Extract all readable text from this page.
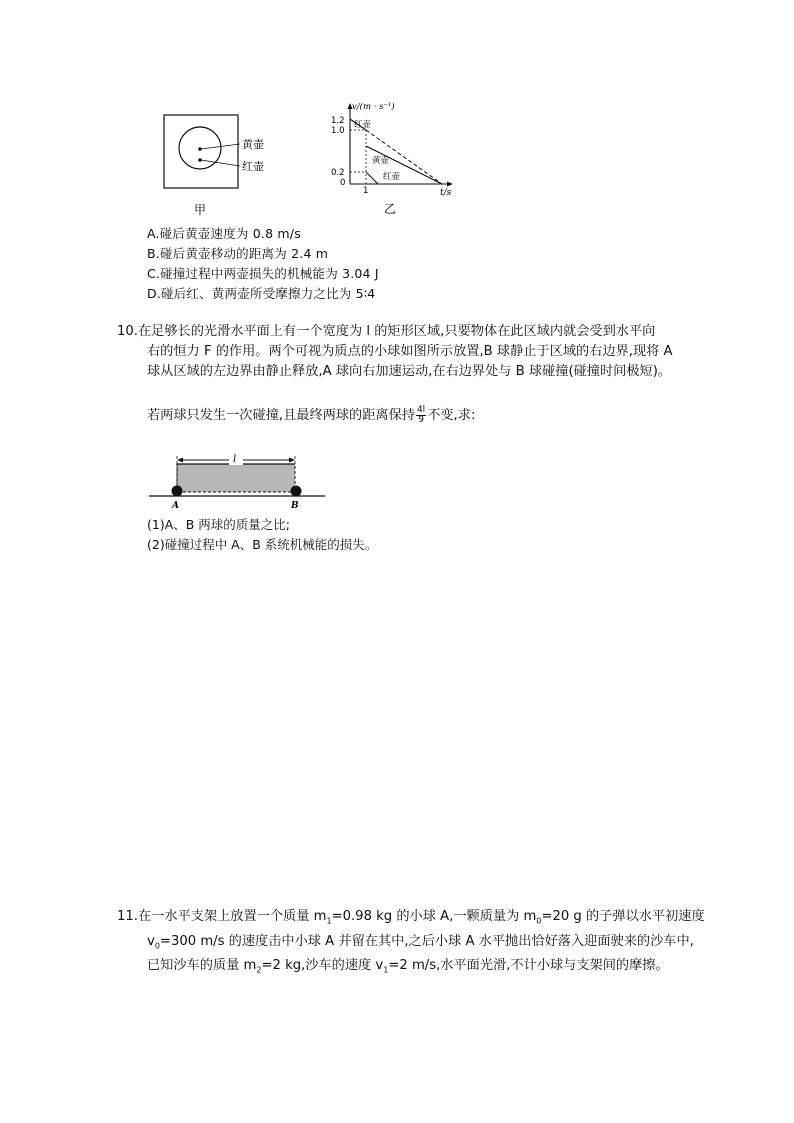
黄壶
红壶
甲
v/(m · s⁻¹)
t/s
1.2
1.0
0.2
0
1
红壶
黄壶
红壶
乙
A.碰后黄壶速度为 0.8 m/s
B.碰后黄壶移动的距离为 2.4 m
C.碰撞过程中两壶损失的机械能为 3.04 J
D.碰后红、黄两壶所受摩擦力之比为 5∶4
10.在足够长的光滑水平面上有一个宽度为 l 的矩形区域,只要物体在此区域内就会受到水平向
右的恒力 F 的作用。两个可视为质点的小球如图所示放置,B 球静止于区域的右边界,现将 A
球从区域的左边界由静止释放,A 球向右加速运动,在右边界处与 B 球碰撞(碰撞时间极短)。
若两球只发生一次碰撞,且最终两球的距离保持 $\frac{4l}{9}$ 不变,求:
l
A	B
(1)A、B 两球的质量之比;
(2)碰撞过程中 A、B 系统机械能的损失。
11.在一水平支架上放置一个质量 $m_1=0.98$ kg 的小球 A,一颗质量为 $m_0=20$ g 的子弹以水平初速度
$v_0=300$ m/s 的速度击中小球 A 并留在其中,之后小球 A 水平抛出恰好落入迎面驶来的沙车中,
已知沙车的质量 $m_2=2$ kg,沙车的速度 $v_1=2$ m/s,水平面光滑,不计小球与支架间的摩擦。
